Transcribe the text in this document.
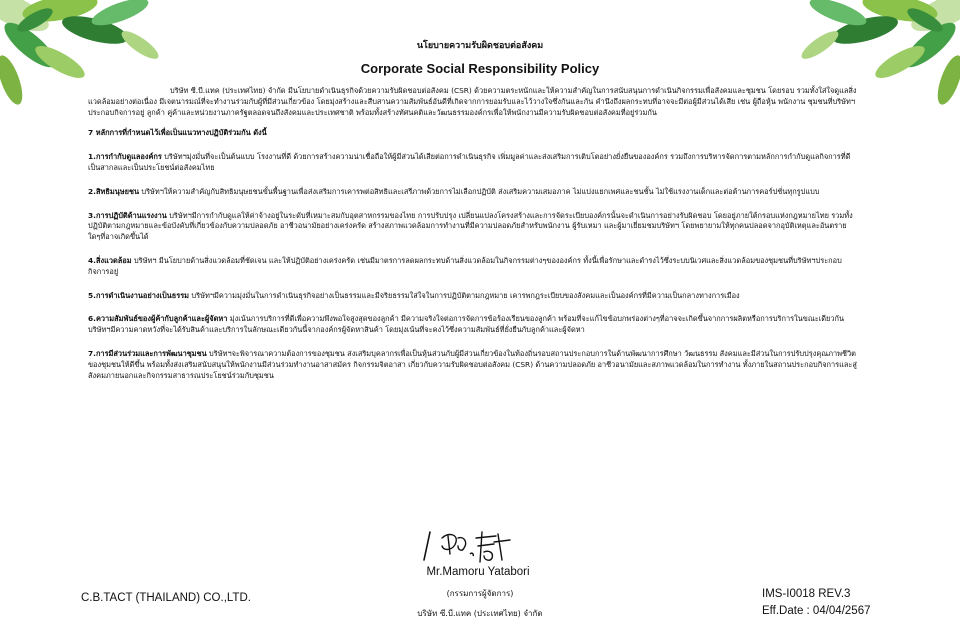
นโยบายความรับผิดชอบต่อสังคม
Corporate Social Responsibility Policy

บริษัท ซี.บี.แทค (ประเทศไทย) จำกัด มีนโยบายดำเนินธุรกิจด้วยความรับผิดชอบต่อสังคม (CSR) ด้วยความตระหนักและให้ความสำคัญในการสนับสนุนการดำเนินกิจกรรมเพื่อสังคมและชุมชน โดยรอบ รวมทั้งใส่ใจดูแลสิ่งแวดล้อมอย่างต่อเนื่อง มีเจตนารมณ์ที่จะทำงานร่วมกับผู้ที่มีส่วนเกี่ยวข้อง โดยมุ่งสร้างและสืบสานความสัมพันธ์อันดีที่เกิดจากการยอมรับและไว้วางใจซึ่งกันและกัน คำนึงถึงผลกระทบที่อาจจะมีต่อผู้มีส่วนได้เสีย เช่น ผู้ถือหุ้น พนักงาน ชุมชนที่บริษัทฯประกอบกิจการอยู่ ลูกค้า คู่ค้าและหน่วยงานภาครัฐตลอดจนถึงสังคมและประเทศชาติ พร้อมทั้งสร้างทัศนคติและวัฒนธรรมองค์กรเพื่อให้พนักงานมีความรับผิดชอบต่อสังคมที่อยู่ร่วมกัน

7 หลักการที่กำหนดไว้เพื่อเป็นแนวทางปฏิบัติร่วมกัน ดังนี้

1.การกำกับดูแลองค์กร บริษัทฯมุ่งมั่นที่จะเป็นต้นแบบ โรงงานที่ดี ด้วยการสร้างความน่าเชื่อถือให้ผู้มีส่วนได้เสียต่อการดำเนินธุรกิจ เพิ่มมูลค่าและส่งเสริมการเติบโตอย่างยั่งยืนขององค์กร รวมถึงการบริหารจัดการตามหลักการกำกับดูแลกิจการที่ดีเป็นสากลและเป็นประโยชน์ต่อสังคมไทย

2.สิทธิมนุษยชน บริษัทฯให้ความสำคัญกับสิทธิมนุษยชนขั้นพื้นฐานเพื่อส่งเสริมการเคารพต่อสิทธิและเสรีภาพด้วยการไม่เลือกปฏิบัติ ส่งเสริมความเสมอภาค ไม่แบ่งแยกเพศและชนชั้น ไม่ใช้แรงงานเด็กและต่อต้านการคอร์ปชั่นทุกรูปแบบ

3.การปฏิบัติด้านแรงงาน บริษัทฯมีการกำกับดูแลให้ค่าจ้างอยู่ในระดับที่เหมาะสมกับอุตสาหกรรมของไทย การปรับปรุง เปลี่ยนแปลงโครงสร้างและการจัดระเบียบองค์กรนั้นจะดำเนินการอย่างรับผิดชอบ โดยอยู่ภายใต้กรอบแห่งกฎหมายไทย รวมทั้งปฏิบัติตามกฎหมายและข้อบังคับที่เกี่ยวข้องกับความปลอดภัย อาชีวอนามัยอย่างเคร่งครัด สร้างสภาพแวดล้อมการทำงานที่มีความปลอดภัยสำหรับพนักงาน ผู้รับเหมา และผู้มาเยี่ยมชมบริษัทฯ โดยพยายามให้ทุกคนปลอดจากอุบัติเหตุและอันตรายใดๆที่อาจเกิดขึ้นได้

4.สิ่งแวดล้อม บริษัทฯ มีนโยบายด้านสิ่งแวดล้อมที่ชัดเจน และให้ปฏิบัติอย่างเคร่งครัด เช่นมีมาตรการลดผลกระทบด้านสิ่งแวดล้อมในกิจกรรมต่างๆขององค์กร ทั้งนี้เพื่อรักษาและดำรงไว้ซึ่งระบบนิเวศและสิ่งแวดล้อมของชุมชนที่บริษัทฯประกอบกิจการอยู่

5.การดำเนินงานอย่างเป็นธรรม บริษัทฯมีความมุ่งมั่นในการดำเนินธุรกิจอย่างเป็นธรรมและมีจริยธรรมใส่ใจในการปฏิบัติตามกฎหมาย เคารพกฎระเบียบของสังคมและเป็นองค์กรที่มีความเป็นกลางทางการเมือง

6.ความสัมพันธ์ของผู้ค้ากับลูกค้าและผู้จัดหา มุ่งเน้นการบริการที่ดีเพื่อความพึงพอใจสูงสุดของลูกค้า มีความจริงใจต่อการจัดการข้อร้องเรียนของลูกค้า พร้อมที่จะแก้ไขข้อบกพร่องต่างๆที่อาจจะเกิดขึ้นจากการผลิตหรือการบริการในขณะเดียวกัน บริษัทฯมีความคาดหวังที่จะได้รับสินค้าและบริการในลักษณะเดียวกันนี้จากองค์กรผู้จัดหาสินค้า โดยมุ่งเน้นที่จะคงไว้ซึ่งความสัมพันธ์ที่ยั่งยืนกับลูกค้าและผู้จัดหา

7.การมีส่วนร่วมและการพัฒนาชุมชน บริษัทฯจะพิจารณาความต้องการของชุมชน ส่งเสริมบุคลากรเพื่อเป็นหุ้นส่วนกับผู้มีส่วนเกี่ยวข้องในท้องถิ่นรอบสถานประกอบการในด้านพัฒนาการศึกษา วัฒนธรรม สังคมและมีส่วนในการปรับปรุงคุณภาพชีวิตของชุมชนให้ดีขึ้น พร้อมทั้งส่งเสริมสนับสนุนให้พนักงานมีส่วนร่วมทำงานอาสาสมัคร กิจกรรมจิตอาสา เกี่ยวกับความรับผิดชอบต่อสังคม (CSR) ด้านความปลอดภัย อาชีวอนามัยและสภาพแวดล้อมในการทำงาน ทั้งภายในสถานประกอบกิจการและสู่สังคมภายนอกและกิจกรรมสาธารณประโยชน์ร่วมกับชุมชน

Mr.Mamoru Yatabori
(กรรมการผู้จัดการ)
บริษัท ซี.บี.แทค (ประเทศไทย) จำกัด
C.B.TACT (THAILAND) CO.,LTD.	IMS-I0018 REV.3
Eff.Date : 04/04/2567
